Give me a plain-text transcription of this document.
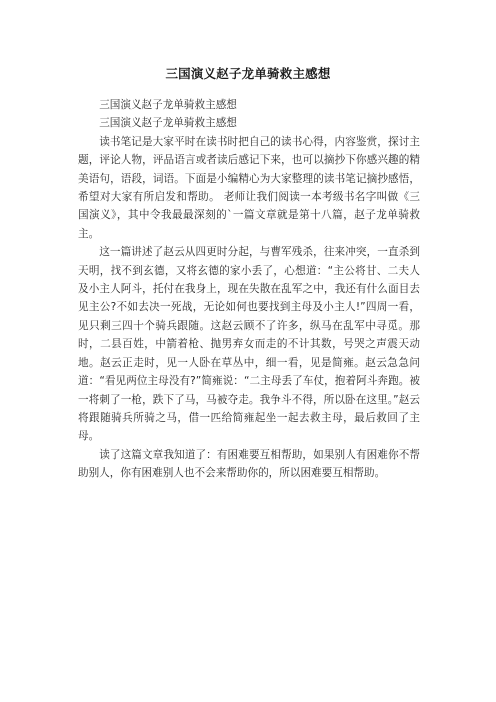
三国演义赵子龙单骑救主感想

三国演义赵子龙单骑救主感想

三国演义赵子龙单骑救主感想

读书笔记是大家平时在读书时把自己的读书心得，内容鉴赏，探讨主题，评论人物，评品语言或者读后感记下来，也可以摘抄下你感兴趣的精美语句，语段，词语。下面是小编精心为大家整理的读书笔记摘抄感悟，希望对大家有所启发和帮助。 老师让我们阅读一本考级书名字叫做《三国演义》，其中令我最最深刻的`一篇文章就是第十八篇，赵子龙单骑救主。

这一篇讲述了赵云从四更时分起，与曹军残杀，往来冲突，一直杀到天明，找不到玄德，又将玄德的家小丢了，心想道：“主公将甘、二夫人及小主人阿斗，托付在我身上，现在失散在乱军之中，我还有什么面目去见主公?不如去决一死战，无论如何也要找到主母及小主人!”四周一看，见只剩三四十个骑兵跟随。这赵云顾不了许多，纵马在乱军中寻觅。那时，二县百姓，中箭着枪、抛男弃女而走的不计其数，号哭之声震天动地。赵云正走时，见一人卧在草丛中，细一看，见是简雍。赵云急急问道：“看见两位主母没有?”简雍说：“二主母丢了车仗，抱着阿斗奔跑。被一将刺了一枪，跌下了马，马被夺走。我争斗不得，所以卧在这里。”赵云将跟随骑兵所骑之马，借一匹给简雍起坐一起去救主母，最后救回了主母。

读了这篇文章我知道了：有困难要互相帮助，如果别人有困难你不帮助别人，你有困难别人也不会来帮助你的，所以困难要互相帮助。
